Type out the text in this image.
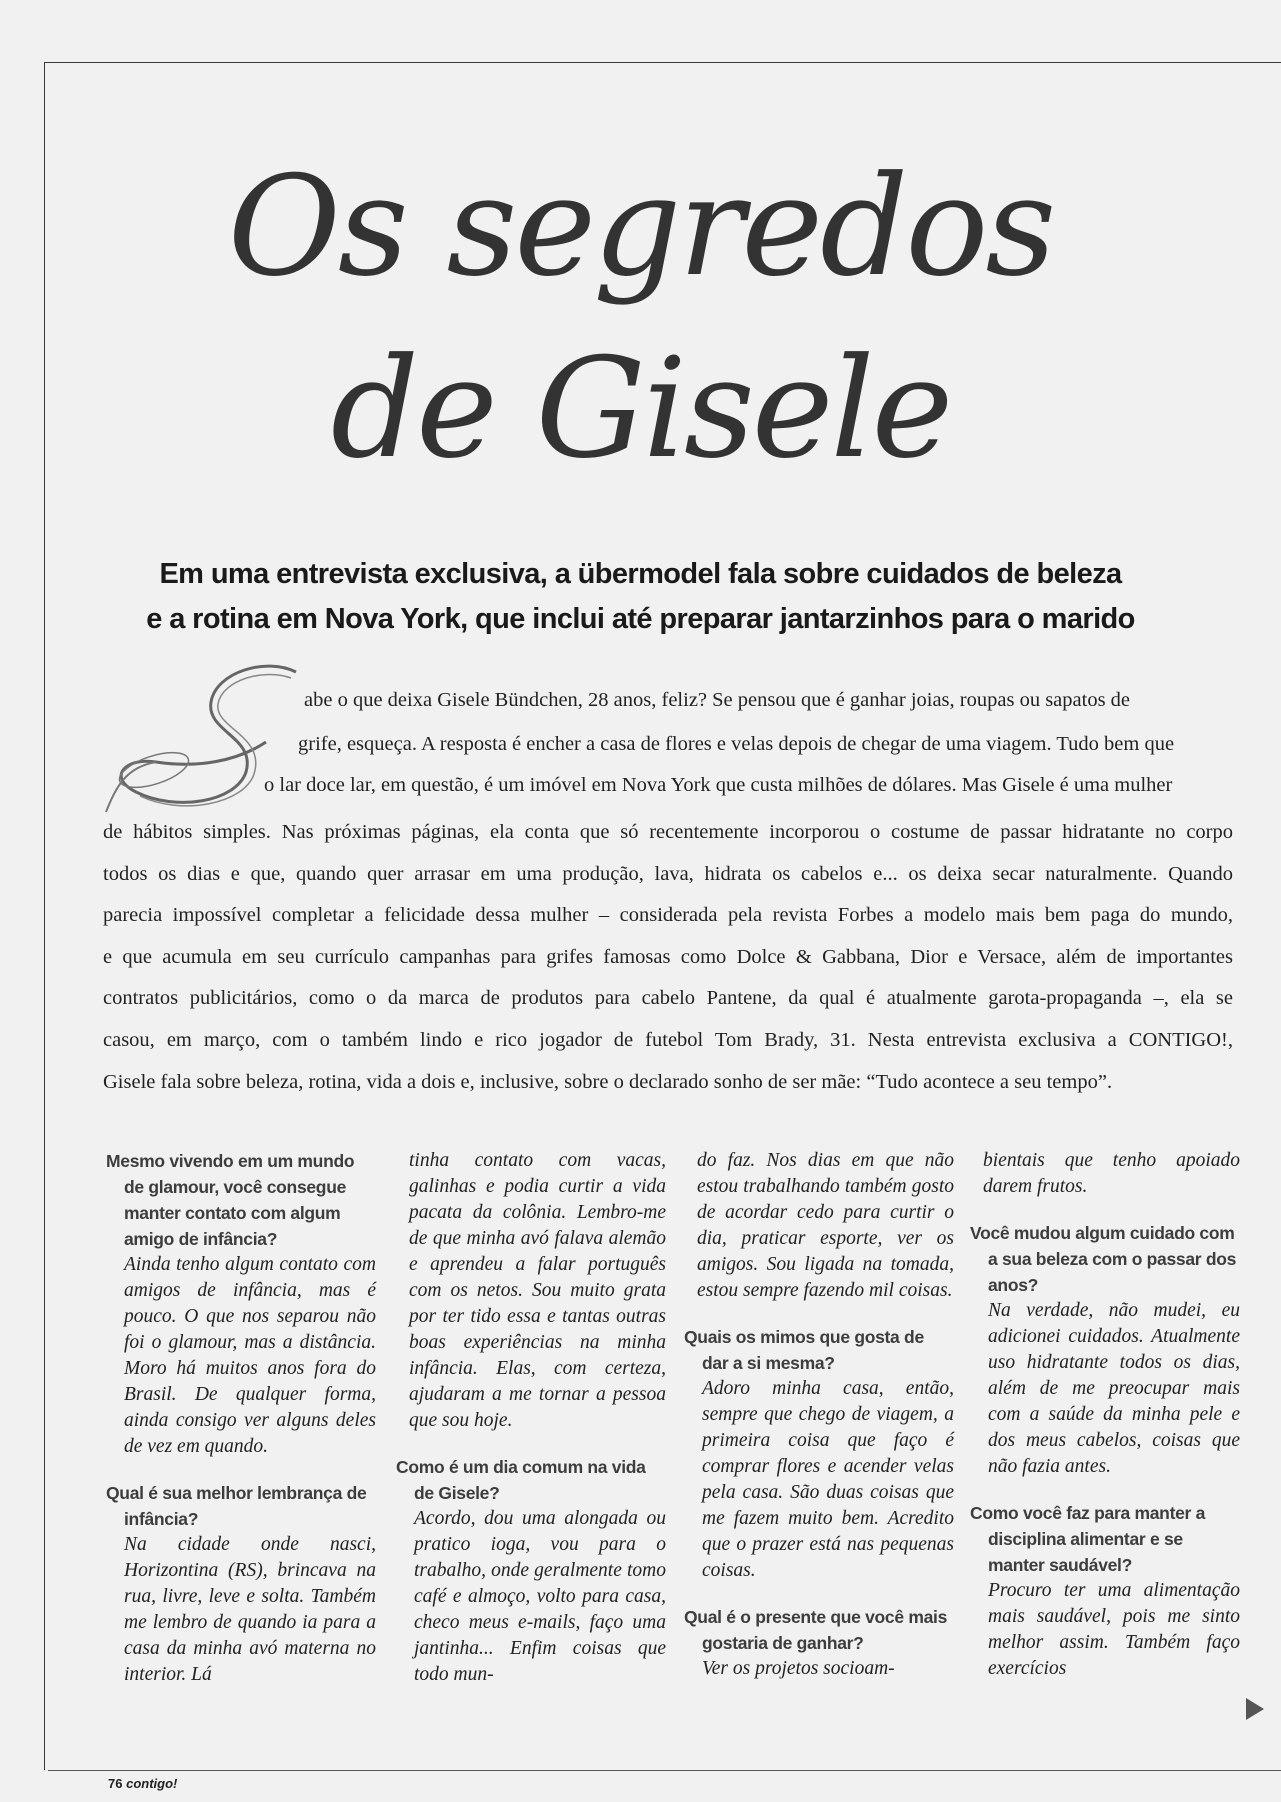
Os segredos
de Gisele
Em uma entrevista exclusiva, a übermodel fala sobre cuidados de beleza
e a rotina em Nova York, que inclui até preparar jantarzinhos para o marido
abe o que deixa Gisele Bündchen, 28 anos, feliz? Se pensou que é ganhar joias, roupas ou sapatos de
grife, esqueça. A resposta é encher a casa de flores e velas depois de chegar de uma viagem. Tudo bem que
o lar doce lar, em questão, é um imóvel em Nova York que custa milhões de dólares. Mas Gisele é uma mulher
de hábitos simples. Nas próximas páginas, ela conta que só recentemente incorporou o costume de passar hidratante no corpo
todos os dias e que, quando quer arrasar em uma produção, lava, hidrata os cabelos e... os deixa secar naturalmente. Quando
parecia impossível completar a felicidade dessa mulher – considerada pela revista Forbes a modelo mais bem paga do mundo,
e que acumula em seu currículo campanhas para grifes famosas como Dolce & Gabbana, Dior e Versace, além de importantes
contratos publicitários, como o da marca de produtos para cabelo Pantene, da qual é atualmente garota-propaganda –, ela se
casou, em março, com o também lindo e rico jogador de futebol Tom Brady, 31. Nesta entrevista exclusiva a CONTIGO!,
Gisele fala sobre beleza, rotina, vida a dois e, inclusive, sobre o declarado sonho de ser mãe: “Tudo acontece a seu tempo”.

Mesmo vivendo em um mundo de glamour, você consegue manter contato com algum amigo de infância?

Ainda tenho algum contato com amigos de infância, mas é pouco. O que nos separou não foi o glamour, mas a distância. Moro há muitos anos fora do Brasil. De qualquer forma, ainda consigo ver alguns deles de vez em quando.

Qual é sua melhor lembrança de infância?

Na cidade onde nasci, Horizontina (RS), brincava na rua, livre, leve e solta. Também me lembro de quando ia para a casa da minha avó materna no interior. Lá

tinha contato com vacas, galinhas e podia curtir a vida pacata da colônia. Lembro-me de que minha avó falava alemão e aprendeu a falar português com os netos. Sou muito grata por ter tido essa e tantas outras boas experiências na minha infância. Elas, com certeza, ajudaram a me tornar a pessoa que sou hoje.

Como é um dia comum na vida de Gisele?

Acordo, dou uma alongada ou pratico ioga, vou para o trabalho, onde geralmente tomo café e almoço, volto para casa, checo meus e-mails, faço uma jantinha... Enfim coisas que todo mun-

do faz. Nos dias em que não estou trabalhando também gosto de acordar cedo para curtir o dia, praticar esporte, ver os amigos. Sou ligada na tomada, estou sempre fazendo mil coisas.

Quais os mimos que gosta de dar a si mesma?

Adoro minha casa, então, sempre que chego de viagem, a primeira coisa que faço é comprar flores e acender velas pela casa. São duas coisas que me fazem muito bem. Acredito que o prazer está nas pequenas coisas.

Qual é o presente que você mais gostaria de ganhar?

Ver os projetos socioam-

bientais que tenho apoiado darem frutos.

Você mudou algum cuidado com a sua beleza com o passar dos anos?

Na verdade, não mudei, eu adicionei cuidados. Atualmente uso hidratante todos os dias, além de me preocupar mais com a saúde da minha pele e dos meus cabelos, coisas que não fazia antes.

Como você faz para manter a disciplina alimentar e se manter saudável?

Procuro ter uma alimentação mais saudável, pois me sinto melhor assim. Também faço exercícios

76 contigo!
